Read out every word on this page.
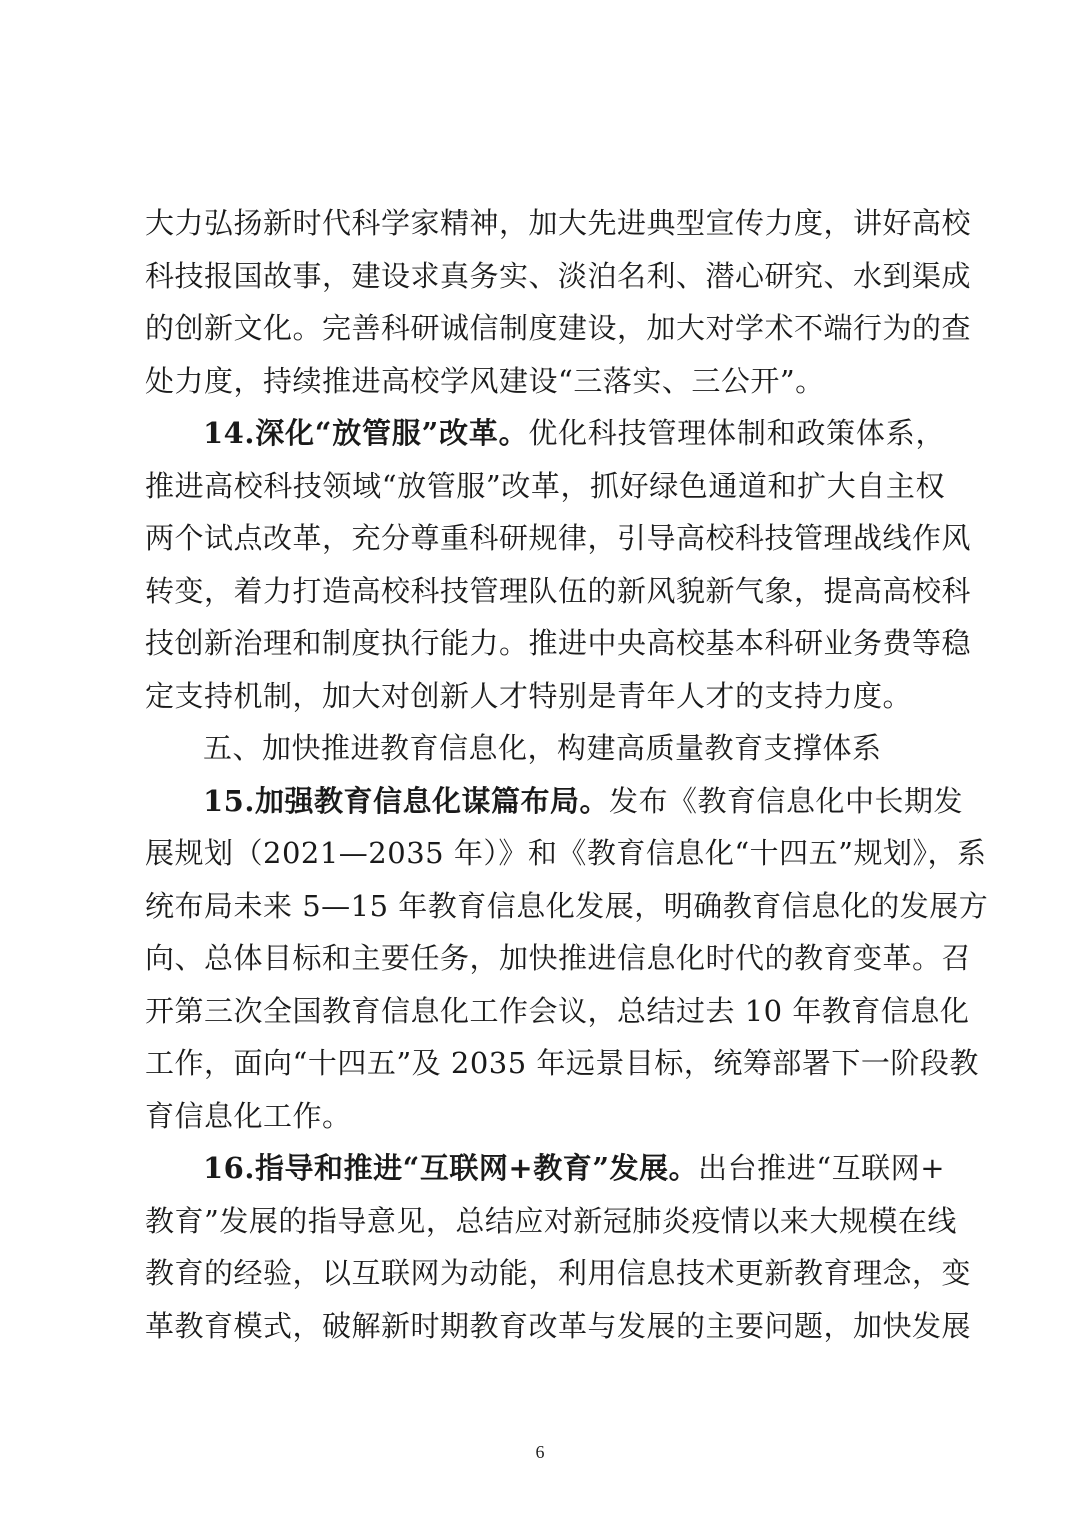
大力弘扬新时代科学家精神，加大先进典型宣传力度，讲好高校
科技报国故事，建设求真务实、淡泊名利、潜心研究、水到渠成
的创新文化。完善科研诚信制度建设，加大对学术不端行为的查
处力度，持续推进高校学风建设“三落实、三公开”。
14.深化“放管服”改革。优化科技管理体制和政策体系，
推进高校科技领域“放管服”改革，抓好绿色通道和扩大自主权
两个试点改革，充分尊重科研规律，引导高校科技管理战线作风
转变，着力打造高校科技管理队伍的新风貌新气象，提高高校科
技创新治理和制度执行能力。推进中央高校基本科研业务费等稳
定支持机制，加大对创新人才特别是青年人才的支持力度。
五、加快推进教育信息化，构建高质量教育支撑体系
15.加强教育信息化谋篇布局。发布《教育信息化中长期发
展规划（2021—2035 年）》和《教育信息化“十四五”规划》，系
统布局未来 5—15 年教育信息化发展，明确教育信息化的发展方
向、总体目标和主要任务，加快推进信息化时代的教育变革。召
开第三次全国教育信息化工作会议，总结过去 10 年教育信息化
工作，面向“十四五”及 2035 年远景目标，统筹部署下一阶段教
育信息化工作。
16.指导和推进“互联网+教育”发展。出台推进“互联网+
教育”发展的指导意见，总结应对新冠肺炎疫情以来大规模在线
教育的经验，以互联网为动能，利用信息技术更新教育理念，变
革教育模式，破解新时期教育改革与发展的主要问题，加快发展
6
